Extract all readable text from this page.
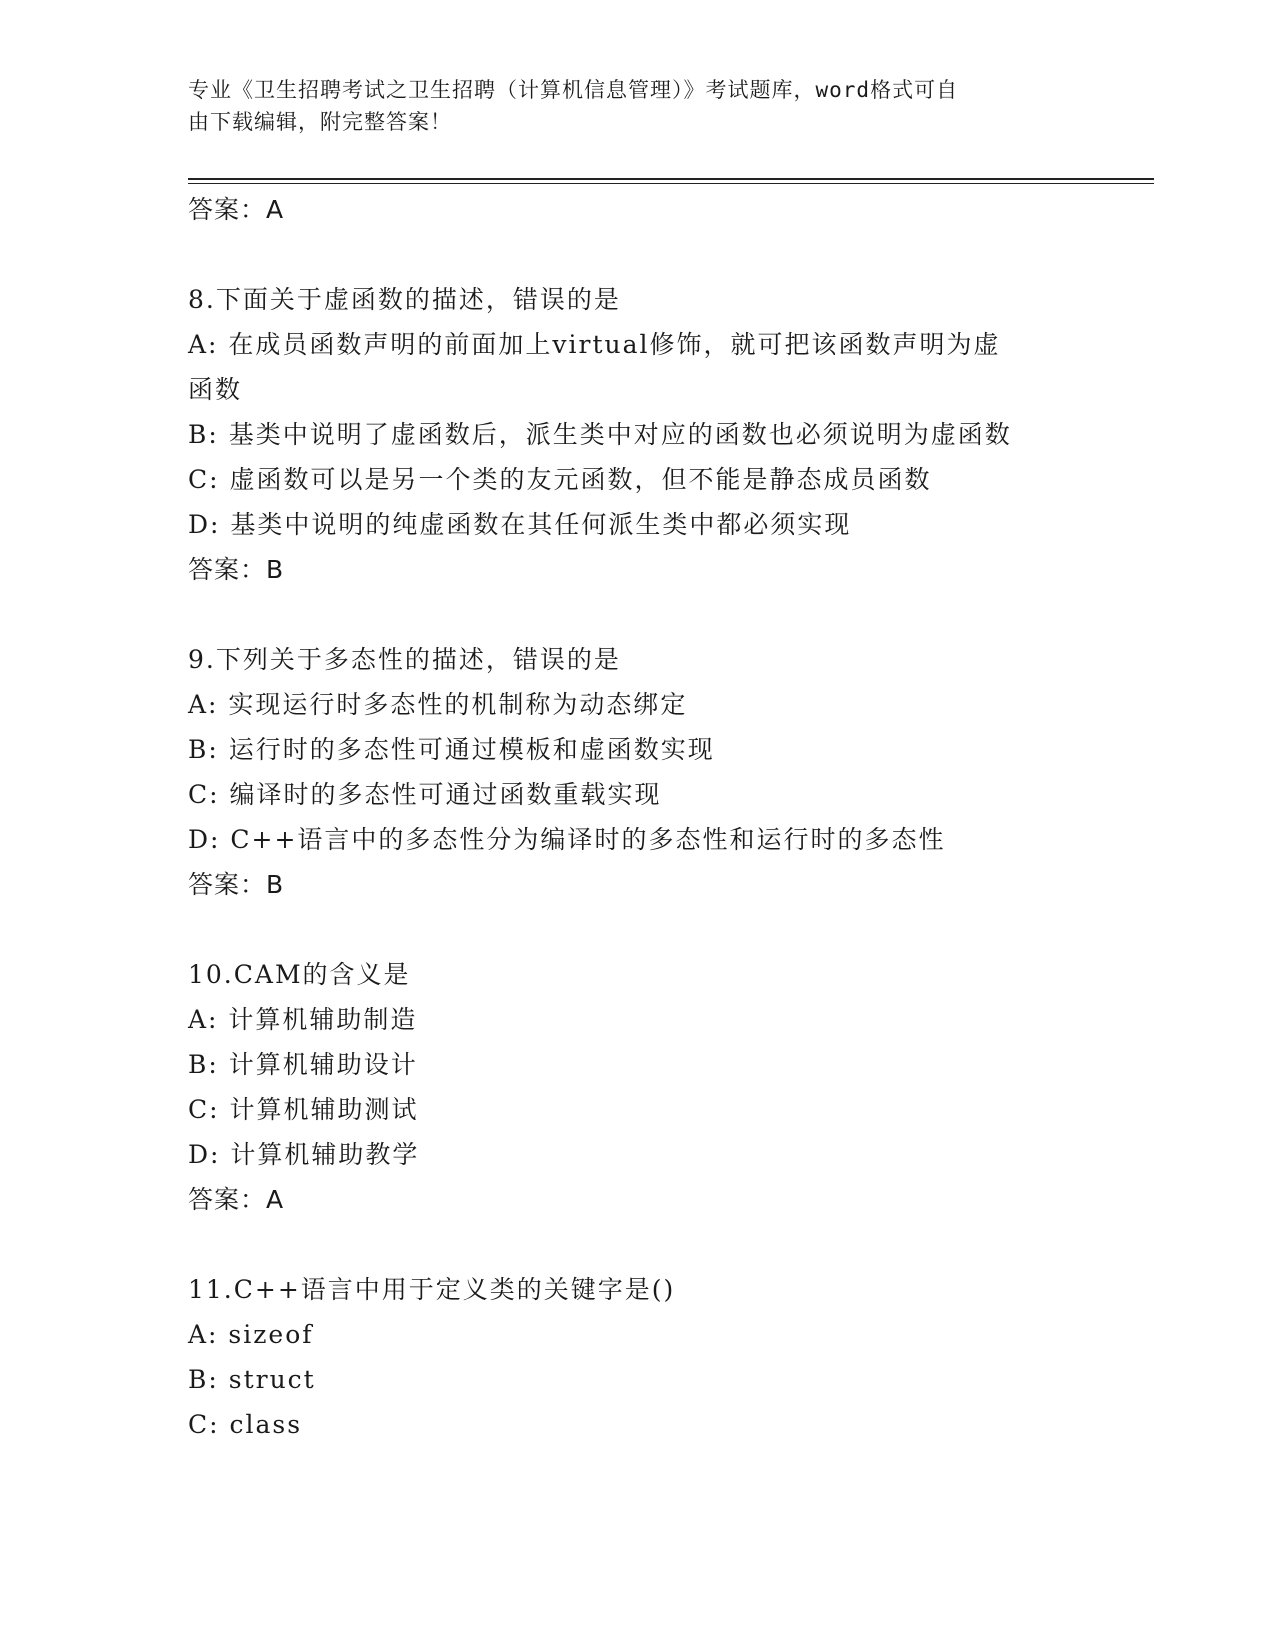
专业《卫生招聘考试之卫生招聘（计算机信息管理）》考试题库，word格式可自
由下载编辑，附完整答案！
答案：A
8.下面关于虚函数的描述，错误的是
A: 在成员函数声明的前面加上virtual修饰，就可把该函数声明为虚
函数
B: 基类中说明了虚函数后，派生类中对应的函数也必须说明为虚函数
C: 虚函数可以是另一个类的友元函数，但不能是静态成员函数
D: 基类中说明的纯虚函数在其任何派生类中都必须实现
答案：B
9.下列关于多态性的描述，错误的是
A: 实现运行时多态性的机制称为动态绑定
B: 运行时的多态性可通过模板和虚函数实现
C: 编译时的多态性可通过函数重载实现
D: C++语言中的多态性分为编译时的多态性和运行时的多态性
答案：B
10.CAM的含义是
A: 计算机辅助制造
B: 计算机辅助设计
C: 计算机辅助测试
D: 计算机辅助教学
答案：A
11.C++语言中用于定义类的关键字是()
A: sizeof
B: struct
C: class
